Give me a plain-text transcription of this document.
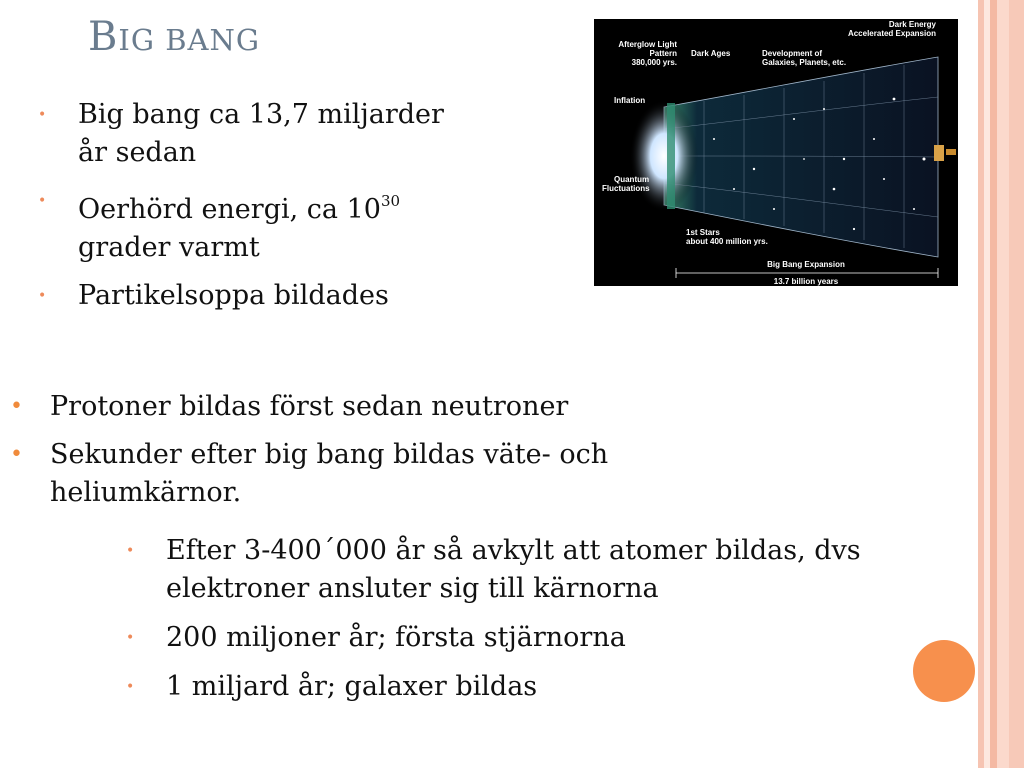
BIG BANG
• Big bang ca 13,7 miljarder år sedan
• Oerhörd energi, ca $10^{30}$ grader varmt
• Partikelsoppa bildades
Dark Energy
Accelerated Expansion
Afterglow Light
Pattern
380,000 yrs.
Dark Ages	Development of
Galaxies, Planets, etc.
Inflation
Quantum
Fluctuations
1st Stars
about 400 million yrs.
Big Bang Expansion
13.7 billion years
• Protoner bildas först sedan neutroner
• Sekunder efter big bang bildas väte- och heliumkärnor.
• Efter 3-400´000 år så avkylt att atomer bildas, dvs elektroner ansluter sig till kärnorna
• 200 miljoner år; första stjärnorna
• 1 miljard år; galaxer bildas
